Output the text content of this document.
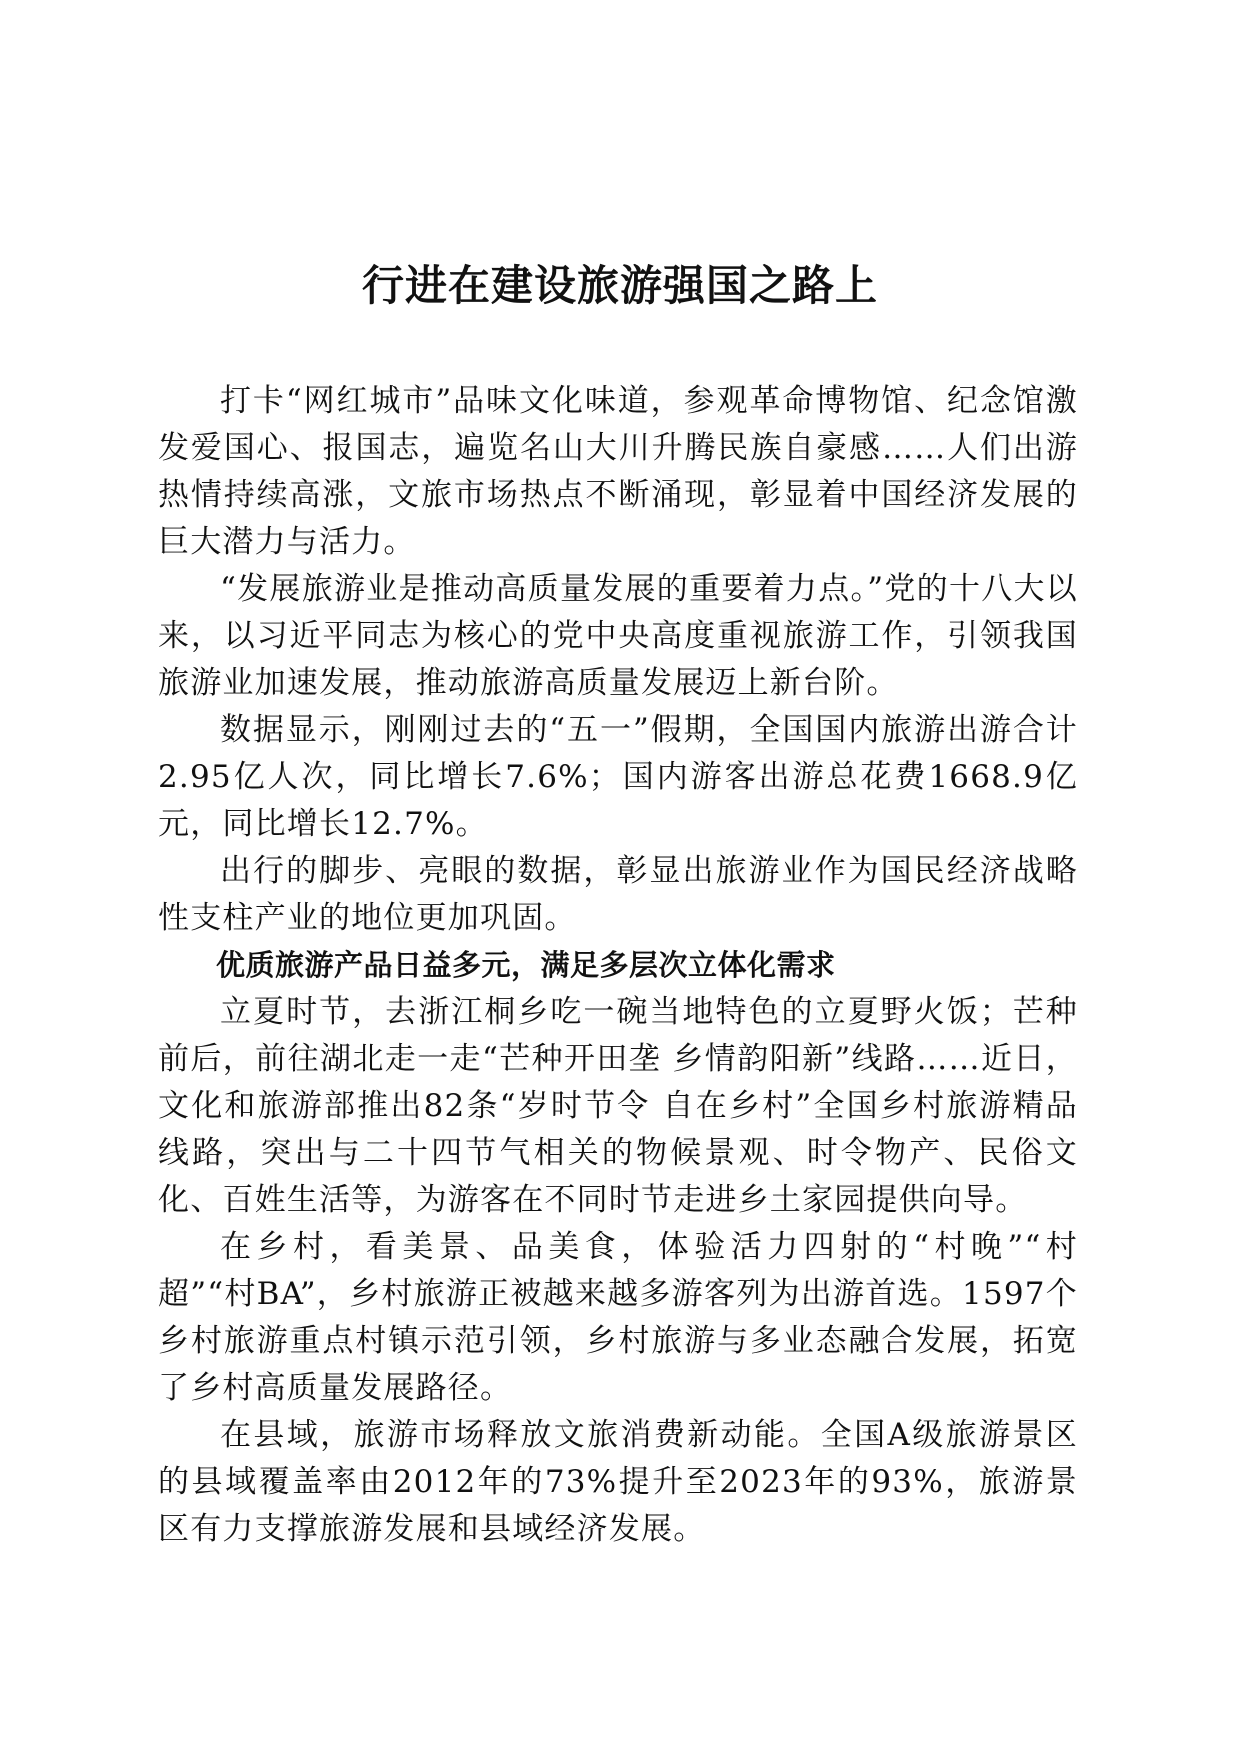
行进在建设旅游强国之路上

打卡“网红城市”品味文化味道，参观革命博物馆、纪念馆激发爱国心、报国志，遍览名山大川升腾民族自豪感……人们出游热情持续高涨，文旅市场热点不断涌现，彰显着中国经济发展的巨大潜力与活力。

“发展旅游业是推动高质量发展的重要着力点。”党的十八大以来，以习近平同志为核心的党中央高度重视旅游工作，引领我国旅游业加速发展，推动旅游高质量发展迈上新台阶。

数据显示，刚刚过去的“五一”假期，全国国内旅游出游合计2.95亿人次，同比增长7.6%；国内游客出游总花费1668.9亿元，同比增长12.7%。

出行的脚步、亮眼的数据，彰显出旅游业作为国民经济战略性支柱产业的地位更加巩固。

优质旅游产品日益多元，满足多层次立体化需求

立夏时节，去浙江桐乡吃一碗当地特色的立夏野火饭；芒种前后，前往湖北走一走“芒种开田垄 乡情韵阳新”线路……近日，文化和旅游部推出82条“岁时节令 自在乡村”全国乡村旅游精品线路，突出与二十四节气相关的物候景观、时令物产、民俗文化、百姓生活等，为游客在不同时节走进乡土家园提供向导。

在乡村，看美景、品美食，体验活力四射的“村晚”“村超”“村BA”，乡村旅游正被越来越多游客列为出游首选。1597个乡村旅游重点村镇示范引领，乡村旅游与多业态融合发展，拓宽了乡村高质量发展路径。

在县域，旅游市场释放文旅消费新动能。全国A级旅游景区的县域覆盖率由2012年的73%提升至2023年的93%，旅游景区有力支撑旅游发展和县域经济发展。
